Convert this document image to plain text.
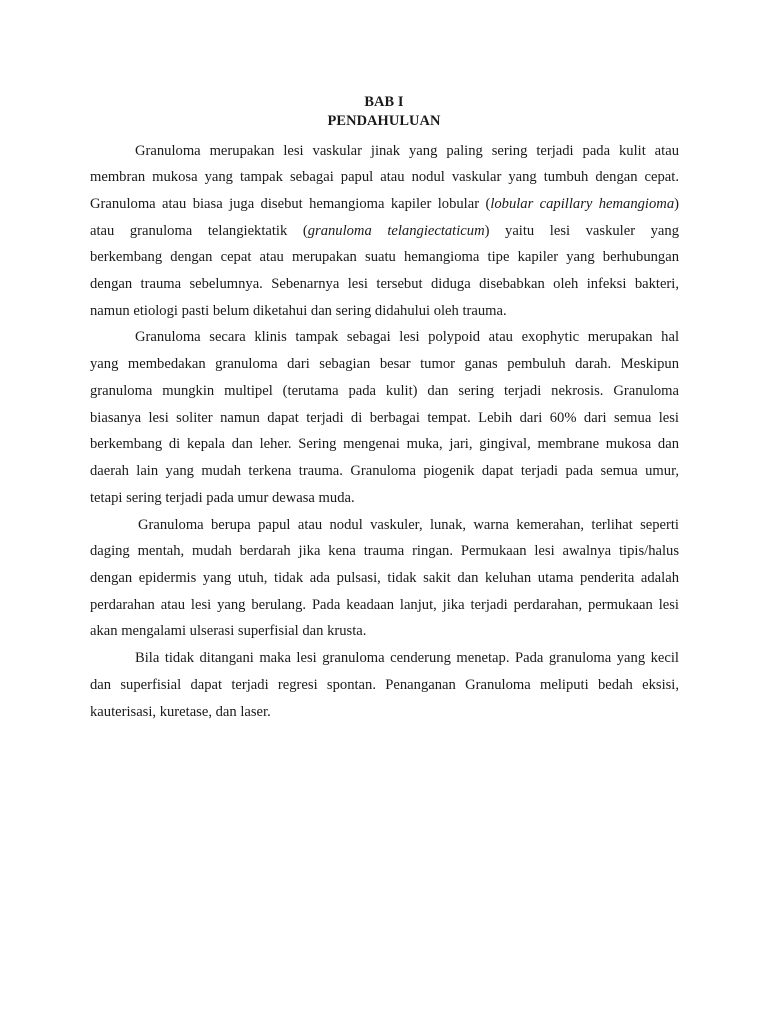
BAB I
PENDAHULUAN
Granuloma merupakan lesi vaskular jinak yang paling sering terjadi pada kulit atau
membran mukosa yang tampak sebagai papul atau nodul vaskular yang tumbuh dengan cepat.
Granuloma atau biasa juga disebut hemangioma kapiler lobular (lobular capillary hemangioma)
atau granuloma telangiektatik (granuloma telangiectaticum) yaitu lesi vaskuler yang
berkembang dengan cepat atau merupakan suatu hemangioma tipe kapiler yang berhubungan
dengan trauma sebelumnya. Sebenarnya lesi tersebut diduga disebabkan oleh infeksi bakteri,
namun etiologi pasti belum diketahui dan sering didahului oleh trauma.
Granuloma secara klinis tampak sebagai lesi polypoid atau exophytic merupakan hal
yang membedakan granuloma dari sebagian besar tumor ganas pembuluh darah. Meskipun
granuloma mungkin multipel (terutama pada kulit) dan sering terjadi nekrosis. Granuloma
biasanya lesi soliter namun dapat terjadi di berbagai tempat. Lebih dari 60% dari semua lesi
berkembang di kepala dan leher. Sering mengenai muka, jari, gingival, membrane mukosa dan
daerah lain yang mudah terkena trauma. Granuloma piogenik dapat terjadi pada semua umur,
tetapi sering terjadi pada umur dewasa muda.
Granuloma berupa papul atau nodul vaskuler, lunak, warna kemerahan, terlihat seperti
daging mentah, mudah berdarah jika kena trauma ringan. Permukaan lesi awalnya tipis/halus
dengan epidermis yang utuh, tidak ada pulsasi, tidak sakit dan keluhan utama penderita adalah
perdarahan atau lesi yang berulang. Pada keadaan lanjut, jika terjadi perdarahan, permukaan lesi
akan mengalami ulserasi superfisial dan krusta.
Bila tidak ditangani maka lesi granuloma cenderung menetap. Pada granuloma yang kecil
dan superfisial dapat terjadi regresi spontan. Penanganan Granuloma meliputi bedah eksisi,
kauterisasi, kuretase, dan laser.
